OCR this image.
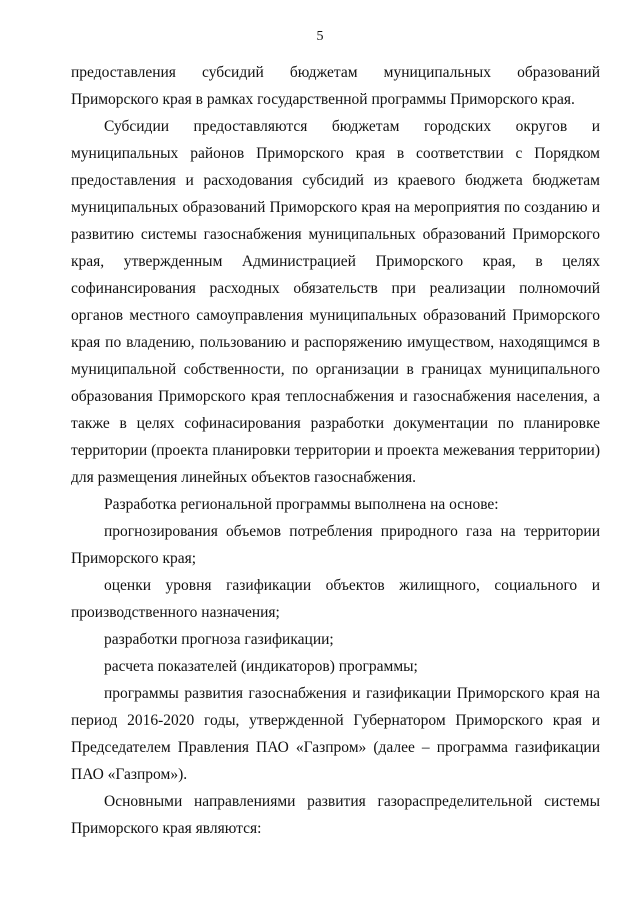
5
предоставления субсидий бюджетам муниципальных образований
Приморского края в рамках государственной программы Приморского края.
Субсидии предоставляются бюджетам городских округов и
муниципальных районов Приморского края в соответствии с Порядком
предоставления и расходования субсидий из краевого бюджета бюджетам
муниципальных образований Приморского края на мероприятия по созданию и
развитию системы газоснабжения муниципальных образований Приморского
края, утвержденным Администрацией Приморского края, в целях
софинансирования расходных обязательств при реализации полномочий
органов местного самоуправления муниципальных образований Приморского
края по владению, пользованию и распоряжению имуществом, находящимся в
муниципальной собственности, по организации в границах муниципального
образования Приморского края теплоснабжения и газоснабжения населения, а
также в целях софинасирования разработки документации по планировке
территории (проекта планировки территории и проекта межевания территории)
для размещения линейных объектов газоснабжения.
Разработка региональной программы выполнена на основе:
прогнозирования объемов потребления природного газа на территории
Приморского края;
оценки уровня газификации объектов жилищного, социального и
производственного назначения;
разработки прогноза газификации;
расчета показателей (индикаторов) программы;
программы развития газоснабжения и газификации Приморского края на
период 2016-2020 годы, утвержденной Губернатором Приморского края и
Председателем Правления ПАО «Газпром» (далее – программа газификации
ПАО «Газпром»).
Основными направлениями развития газораспределительной системы
Приморского края являются:
